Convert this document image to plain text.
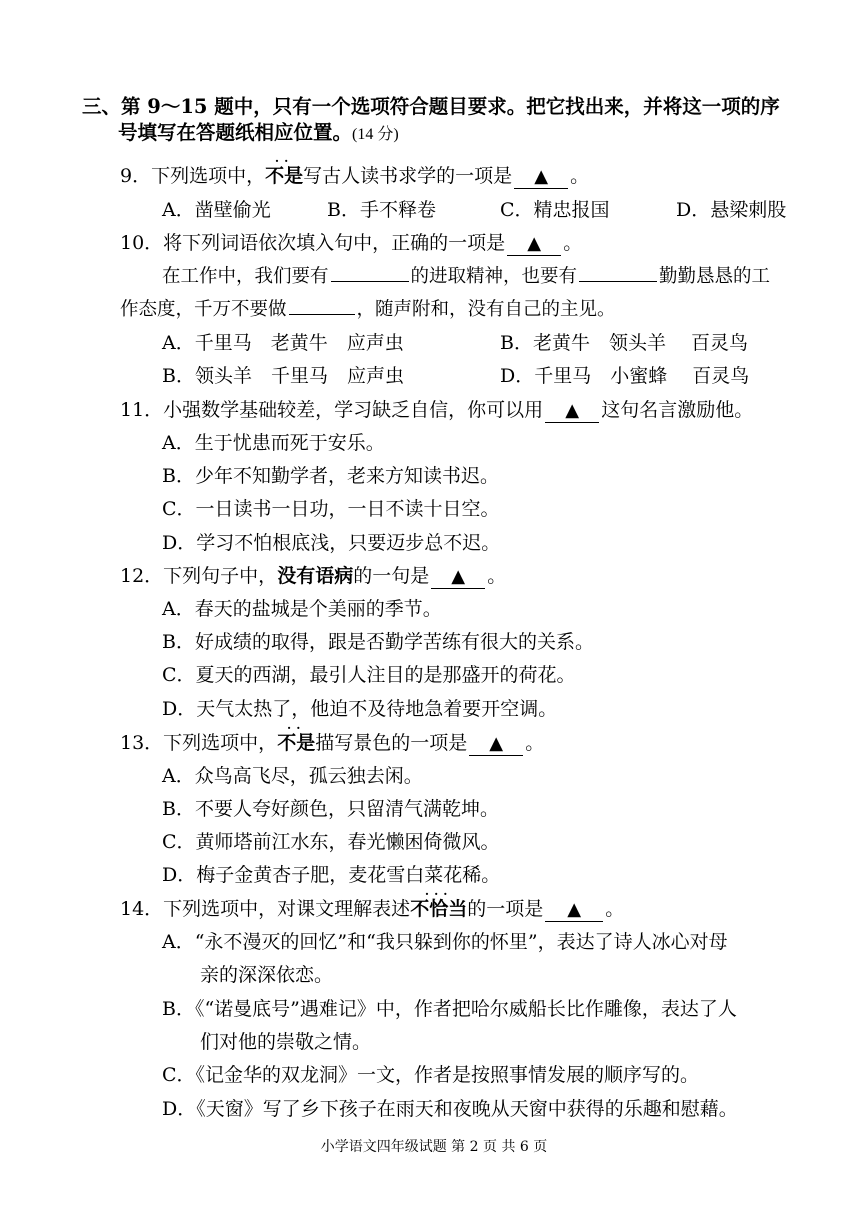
三、第 9～15 题中，只有一个选项符合题目要求。把它找出来，并将这一项的序
号填写在答题纸相应位置。(14 分)
9．下列选项中，
··
不是写古人读书求学的一项是 ▲ 。
A．凿壁偷光	B．手不释卷	C．精忠报国	D．悬梁刺股
10．将下列词语依次填入句中，正确的一项是 ▲ 。
在工作中，我们要有	的进取精神，也要有	勤勤恳恳的工
作态度，千万不要做	，随声附和，没有自己的主见。
A．千里马　老黄牛　应声虫	B．老黄牛　领头羊　 百灵鸟
B．领头羊　千里马　应声虫	D．千里马　小蜜蜂　 百灵鸟
11．小强数学基础较差，学习缺乏自信，你可以用 ▲ 这句名言激励他。
A．生于忧患而死于安乐。
B．少年不知勤学者，老来方知读书迟。
C．一日读书一日功，一日不读十日空。
D．学习不怕根底浅，只要迈步总不迟。
12．下列句子中，没有语病的一句是 ▲ 。
A．春天的盐城是个美丽的季节。
B．好成绩的取得，跟是否勤学苦练有很大的关系。
C．夏天的西湖，最引人注目的是那盛开的荷花。
D．天气太热了，他迫不及待地急着要开空调。
13．下列选项中，
··
不是描写景色的一项是 ▲ 。
A．众鸟高飞尽，孤云独去闲。
B．不要人夸好颜色，只留清气满乾坤。
C．黄师塔前江水东，春光懒困倚微风。
D．梅子金黄杏子肥，麦花雪白菜花稀。
14．下列选项中，对课文理解表述
···
不恰当的一项是 ▲ 。
A．“永不漫灭的回忆”和“我只躲到你的怀里”，表达了诗人冰心对母
亲的深深依恋。
B．《“诺曼底号”遇难记》中，作者把哈尔威船长比作雕像，表达了人
们对他的崇敬之情。
C．《记金华的双龙洞》一文，作者是按照事情发展的顺序写的。
D．《天窗》写了乡下孩子在雨天和夜晚从天窗中获得的乐趣和慰藉。
小学语文四年级试题 第 2 页 共 6 页
